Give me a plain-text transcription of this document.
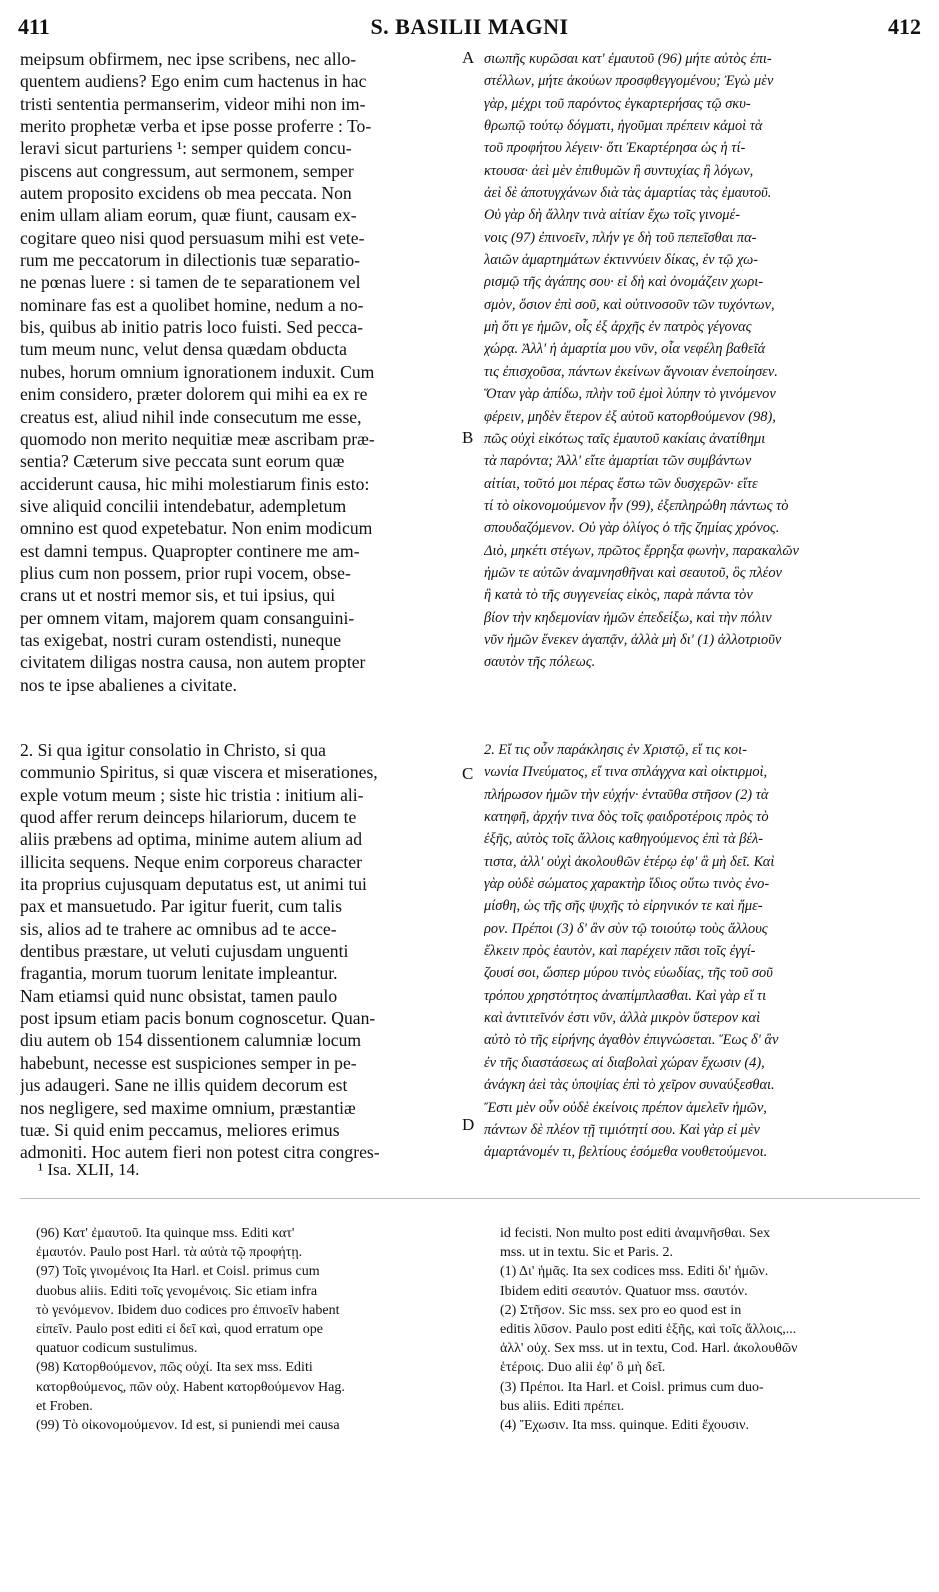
411	S. BASILII MAGNI	412
meipsum obfirmem, nec ipse scribens, nec allo-
quentem audiens? Ego enim cum hactenus in hac
tristi sententia permanserim, videor mihi non im-
merito prophetæ verba et ipse posse proferre : To-
leravi sicut parturiens ¹: semper quidem concu-
piscens aut congressum, aut sermonem, semper
autem proposito excidens ob mea peccata. Non
enim ullam aliam eorum, quæ fiunt, causam ex-
cogitare queo nisi quod persuasum mihi est vete-
rum me peccatorum in dilectionis tuæ separatio-
ne pœnas luere : si tamen de te separationem vel
nominare fas est a quolibet homine, nedum a no-
bis, quibus ab initio patris loco fuisti. Sed pecca-
tum meum nunc, velut densa quædam obducta
nubes, horum omnium ignorationem induxit. Cum
enim considero, præter dolorem qui mihi ea ex re
creatus est, aliud nihil inde consecutum me esse,
quomodo non merito nequitiæ meæ ascribam præ-
sentia? Cæterum sive peccata sunt eorum quæ
acciderunt causa, hic mihi molestiarum finis esto:
sive aliquid concilii intendebatur, adempletum
omnino est quod expetebatur. Non enim modicum
est damni tempus. Quapropter continere me am-
plius cum non possem, prior rupi vocem, obse-
crans ut et nostri memor sis, et tui ipsius, qui
per omnem vitam, majorem quam consanguini-
tas exigebat, nostri curam ostendisti, nuneque
civitatem diligas nostra causa, non autem propter
nos te ipse abalienes a civitate.
σιωπῆς κυρῶσαι κατ' ἐμαυτοῦ (96) μήτε αὐτὸς ἐπι-
στέλλων, μήτε ἀκούων προσφθεγγομένου; Ἐγὼ μὲν
γὰρ, μέχρι τοῦ παρόντος ἐγκαρτερήσας τῷ σκυ-
θρωπῷ τούτῳ δόγματι, ἡγοῦμαι πρέπειν κἀμοὶ τὰ
τοῦ προφήτου λέγειν· ὅτι Ἐκαρτέρησα ὡς ἡ τί-
κτουσα· ἀεὶ μὲν ἐπιθυμῶν ἢ συντυχίας ἢ λόγων,
ἀεὶ δὲ ἀποτυγχάνων διὰ τὰς ἁμαρτίας τὰς ἐμαυτοῦ.
Οὐ γὰρ δὴ ἄλλην τινὰ αἰτίαν ἔχω τοῖς γινομέ-
νοις (97) ἐπινοεῖν, πλήν γε δὴ τοῦ πεπεῖσθαι πα-
λαιῶν ἁμαρτημάτων ἐκτιννύειν δίκας, ἐν τῷ χω-
ρισμῷ τῆς ἀγάπης σου· εἰ δὴ καὶ ὀνομάζειν χωρι-
σμὸν, ὅσιον ἐπὶ σοῦ, καὶ οὑτινοσοῦν τῶν τυχόντων,
μὴ ὅτι γε ἡμῶν, οἷς ἐξ ἀρχῆς ἐν πατρὸς γέγονας
χώρᾳ. Ἀλλ' ἡ ἁμαρτία μου νῦν, οἷα νεφέλη βαθεῖά
τις ἐπισχοῦσα, πάντων ἐκείνων ἄγνοιαν ἐνεποίησεν.
Ὅταν γὰρ ἀπίδω, πλὴν τοῦ ἐμοὶ λύπην τὸ γινόμενον
φέρειν, μηδὲν ἕτερον ἐξ αὐτοῦ κατορθούμενον (98),
πῶς οὐχὶ εἰκότως ταῖς ἐμαυτοῦ κακίαις ἀνατίθημι
τὰ παρόντα; Ἀλλ' εἴτε ἁμαρτίαι τῶν συμβάντων
αἰτίαι, τοῦτό μοι πέρας ἔστω τῶν δυσχερῶν· εἴτε
τί τὸ οἰκονομούμενον ἦν (99), ἐξεπληρώθη πάντως τὸ
σπουδαζόμενον. Οὐ γὰρ ὀλίγος ὁ τῆς ζημίας χρόνος.
Διὸ, μηκέτι στέγων, πρῶτος ἔρρηξα φωνὴν, παρακαλῶν
ἡμῶν τε αὐτῶν ἀναμνησθῆναι καὶ σεαυτοῦ, ὃς πλέον
ἢ κατὰ τὸ τῆς συγγενείας εἰκὸς, παρὰ πάντα τὸν
βίον τὴν κηδεμονίαν ἡμῶν ἐπεδείξω, καὶ τὴν πόλιν
νῦν ἡμῶν ἕνεκεν ἀγαπᾷν, ἀλλὰ μὴ δι' (1) ἀλλοτριοῦν
σαυτὸν τῆς πόλεως.
2. Si qua igitur consolatio in Christo, si qua
communio Spiritus, si quæ viscera et miserationes,
exple votum meum ; siste hic tristia : initium ali-
quod affer rerum deinceps hilariorum, ducem te
aliis præbens ad optima, minime autem alium ad
illicita sequens. Neque enim corporeus character
ita proprius cujusquam deputatus est, ut animi tui
pax et mansuetudo. Par igitur fuerit, cum talis
sis, alios ad te trahere ac omnibus ad te acce-
dentibus præstare, ut veluti cujusdam unguenti
fragantia, morum tuorum lenitate impleantur.
Nam etiamsi quid nunc obsistat, tamen paulo
post ipsum etiam pacis bonum cognoscetur. Quan-
diu autem ob 154 dissentionem calumniæ locum
habebunt, necesse est suspiciones semper in pe-
jus adaugeri. Sane ne illis quidem decorum est
nos negligere, sed maxime omnium, præstantiæ
tuæ. Si quid enim peccamus, meliores erimus
admoniti. Hoc autem fieri non potest citra congres-
2. Εἴ τις οὖν παράκλησις ἐν Χριστῷ, εἴ τις κοι-
νωνία Πνεύματος, εἴ τινα σπλάγχνα καὶ οἰκτιρμοὶ,
πλήρωσον ἡμῶν τὴν εὐχήν· ἐνταῦθα στῆσον (2) τὰ
κατηφῆ, ἀρχήν τινα δὸς τοῖς φαιδροτέροις πρὸς τὸ
ἑξῆς, αὐτὸς τοῖς ἄλλοις καθηγούμενος ἐπὶ τὰ βέλ-
τιστα, ἀλλ' οὐχὶ ἀκολουθῶν ἑτέρῳ ἐφ' ἃ μὴ δεῖ. Καὶ
γὰρ οὐδὲ σώματος χαρακτὴρ ἴδιος οὕτω τινὸς ἐνο-
μίσθη, ὡς τῆς σῆς ψυχῆς τὸ εἰρηνικόν τε καὶ ἥμε-
ρον. Πρέποι (3) δ' ἂν σὺν τῷ τοιούτῳ τοὺς ἄλλους
ἕλκειν πρὸς ἑαυτὸν, καὶ παρέχειν πᾶσι τοῖς ἐγγί-
ζουσί σοι, ὥσπερ μύρου τινὸς εὐωδίας, τῆς τοῦ σοῦ
τρόπου χρηστότητος ἀναπίμπλασθαι. Καὶ γὰρ εἴ τι
καὶ ἀντιτεῖνόν ἐστι νῦν, ἀλλὰ μικρὸν ὕστερον καὶ
αὐτὸ τὸ τῆς εἰρήνης ἀγαθὸν ἐπιγνώσεται. Ἕως δ' ἂν
ἐν τῆς διαστάσεως αἱ διαβολαὶ χώραν ἔχωσιν (4),
ἀνάγκη ἀεὶ τὰς ὑποψίας ἐπὶ τὸ χεῖρον συναύξεσθαι.
Ἔστι μὲν οὖν οὐδὲ ἐκείνοις πρέπον ἀμελεῖν ἡμῶν,
πάντων δὲ πλέον τῇ τιμιότητί σου. Καὶ γὰρ εἰ μὲν
ἁμαρτάνομέν τι, βελτίους ἐσόμεθα νουθετούμενοι.
A
B
C
D
¹ Isa. XLII, 14.
(96) Κατ' ἐμαυτοῦ. Ita quinque mss. Editi κατ'
ἐμαυτόν. Paulo post Harl. τὰ αὐτὰ τῷ προφήτῃ.
(97) Τοῖς γινομένοις Ita Harl. et Coisl. primus cum
duobus aliis. Editi τοῖς γενομένοις. Sic etiam infra
τὸ γενόμενον. Ibidem duo codices pro ἐπινοεῖν habent
εἰπεῖν. Paulo post editi εἰ δεῖ καὶ, quod erratum ope
quatuor codicum sustulimus.
(98) Κατορθούμενον, πῶς οὐχί. Ita sex mss. Editi
κατορθούμενος, πῶν οὐχ. Habent κατορθούμενον Hag.
et Froben.
(99) Τὸ οἰκονομούμενον. Id est, si puniendi mei causa
id fecisti. Non multo post editi ἀναμνῆσθαι. Sex
mss. ut in textu. Sic et Paris. 2.
(1) Δι' ἡμᾶς. Ita sex codices mss. Editi δι' ἡμῶν.
Ibidem editi σεαυτόν. Quatuor mss. σαυτόν.
(2) Στῆσον. Sic mss. sex pro eo quod est in
editis λῦσον. Paulo post editi ἑξῆς, καὶ τοῖς ἄλλοις,...
ἀλλ' οὐχ. Sex mss. ut in textu, Cod. Harl. ἀκολουθῶν
ἑτέροις. Duo alii ἐφ' ὃ μὴ δεῖ.
(3) Πρέποι. Ita Harl. et Coisl. primus cum duo-
bus aliis. Editi πρέπει.
(4) Ἔχωσιν. Ita mss. quinque. Editi ἔχουσιν.
